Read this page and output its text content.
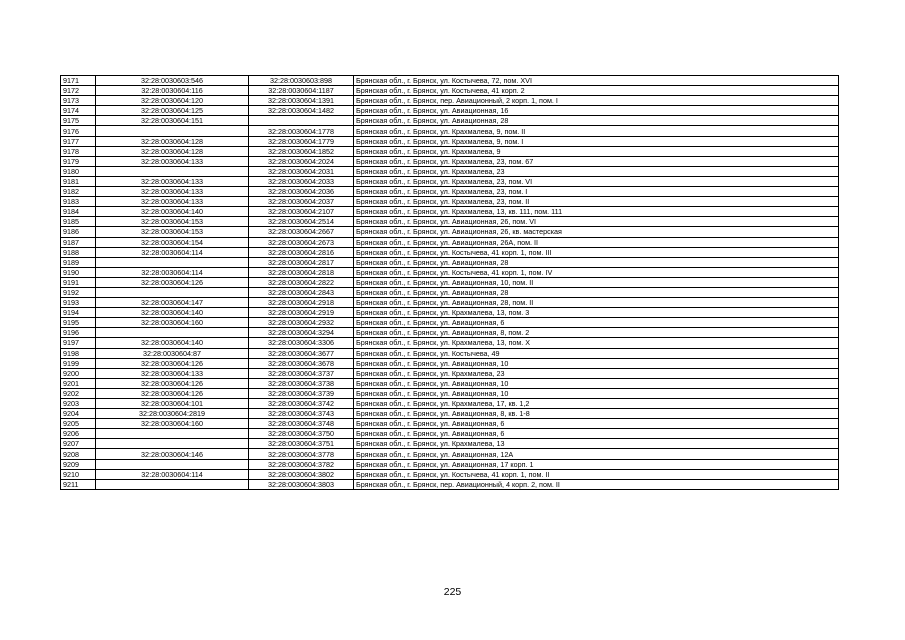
9171	32:28:0030603:546	32:28:0030603:898	Брянская обл., г. Брянск, ул. Костычева, 72, пом. XVI
9172	32:28:0030604:116	32:28:0030604:1187	Брянская обл., г. Брянск, ул. Костычева, 41 корп. 2
9173	32:28:0030604:120	32:28:0030604:1391	Брянская обл., г. Брянск, пер. Авиационный, 2 корп. 1, пом. I
9174	32:28:0030604:125	32:28:0030604:1482	Брянская обл., г. Брянск, ул. Авиационная, 16
9175	32:28:0030604:151		Брянская обл., г. Брянск, ул. Авиационная, 28
9176		32:28:0030604:1778	Брянская обл., г. Брянск, ул. Крахмалева, 9, пом. II
9177	32:28:0030604:128	32:28:0030604:1779	Брянская обл., г. Брянск, ул. Крахмалева, 9, пом. I
9178	32:28:0030604:128	32:28:0030604:1852	Брянская обл., г. Брянск, ул. Крахмалева, 9
9179	32:28:0030604:133	32:28:0030604:2024	Брянская обл., г. Брянск, ул. Крахмалева, 23, пом. 67
9180		32:28:0030604:2031	Брянская обл., г. Брянск, ул. Крахмалева, 23
9181	32:28:0030604:133	32:28:0030604:2033	Брянская обл., г. Брянск, ул. Крахмалева, 23, пом. VI
9182	32:28:0030604:133	32:28:0030604:2036	Брянская обл., г. Брянск, ул. Крахмалева, 23, пом. I
9183	32:28:0030604:133	32:28:0030604:2037	Брянская обл., г. Брянск, ул. Крахмалева, 23, пом. II
9184	32:28:0030604:140	32:28:0030604:2107	Брянская обл., г. Брянск, ул. Крахмалева, 13, кв. 111, пом. 111
9185	32:28:0030604:153	32:28:0030604:2514	Брянская обл., г. Брянск, ул. Авиационная, 26, пом. VI
9186	32:28:0030604:153	32:28:0030604:2667	Брянская обл., г. Брянск, ул. Авиационная, 26, кв. мастерская
9187	32:28:0030604:154	32:28:0030604:2673	Брянская обл., г. Брянск, ул. Авиационная, 26А, пом. II
9188	32:28:0030604:114	32:28:0030604:2816	Брянская обл., г. Брянск, ул. Костычева, 41 корп. 1, пом. III
9189		32:28:0030604:2817	Брянская обл., г. Брянск, ул. Авиационная, 28
9190	32:28:0030604:114	32:28:0030604:2818	Брянская обл., г. Брянск, ул. Костычева, 41 корп. 1, пом. IV
9191	32:28:0030604:126	32:28:0030604:2822	Брянская обл., г. Брянск, ул. Авиационная, 10, пом. II
9192		32:28:0030604:2843	Брянская обл., г. Брянск, ул. Авиационная, 28
9193	32:28:0030604:147	32:28:0030604:2918	Брянская обл., г. Брянск, ул. Авиационная, 28, пом. II
9194	32:28:0030604:140	32:28:0030604:2919	Брянская обл., г. Брянск, ул. Крахмалева, 13, пом. 3
9195	32:28:0030604:160	32:28:0030604:2932	Брянская обл., г. Брянск, ул. Авиационная, 6
9196		32:28:0030604:3294	Брянская обл., г. Брянск, ул. Авиационная, 8, пом. 2
9197	32:28:0030604:140	32:28:0030604:3306	Брянская обл., г. Брянск, ул. Крахмалева, 13, пом. X
9198	32:28:0030604:87	32:28:0030604:3677	Брянская обл., г. Брянск, ул. Костычева, 49
9199	32:28:0030604:126	32:28:0030604:3678	Брянская обл., г. Брянск, ул. Авиационная, 10
9200	32:28:0030604:133	32:28:0030604:3737	Брянская обл., г. Брянск, ул. Крахмалева, 23
9201	32:28:0030604:126	32:28:0030604:3738	Брянская обл., г. Брянск, ул. Авиационная, 10
9202	32:28:0030604:126	32:28:0030604:3739	Брянская обл., г. Брянск, ул. Авиационная, 10
9203	32:28:0030604:101	32:28:0030604:3742	Брянская обл., г. Брянск, ул. Крахмалева, 17, кв. 1,2
9204	32:28:0030604:2819	32:28:0030604:3743	Брянская обл., г. Брянск, ул. Авиационная, 8, кв. 1-8
9205	32:28:0030604:160	32:28:0030604:3748	Брянская обл., г. Брянск, ул. Авиационная, 6
9206		32:28:0030604:3750	Брянская обл., г. Брянск, ул. Авиационная, 6
9207		32:28:0030604:3751	Брянская обл., г. Брянск, ул. Крахмалева, 13
9208	32:28:0030604:146	32:28:0030604:3778	Брянская обл., г. Брянск, ул. Авиационная, 12А
9209		32:28:0030604:3782	Брянская обл., г. Брянск, ул. Авиационная, 17 корп. 1
9210	32:28:0030604:114	32:28:0030604:3802	Брянская обл., г. Брянск, ул. Костычева, 41 корп. 1, пом. II
9211		32:28:0030604:3803	Брянская обл., г. Брянск, пер. Авиационный, 4 корп. 2, пом. II
225
